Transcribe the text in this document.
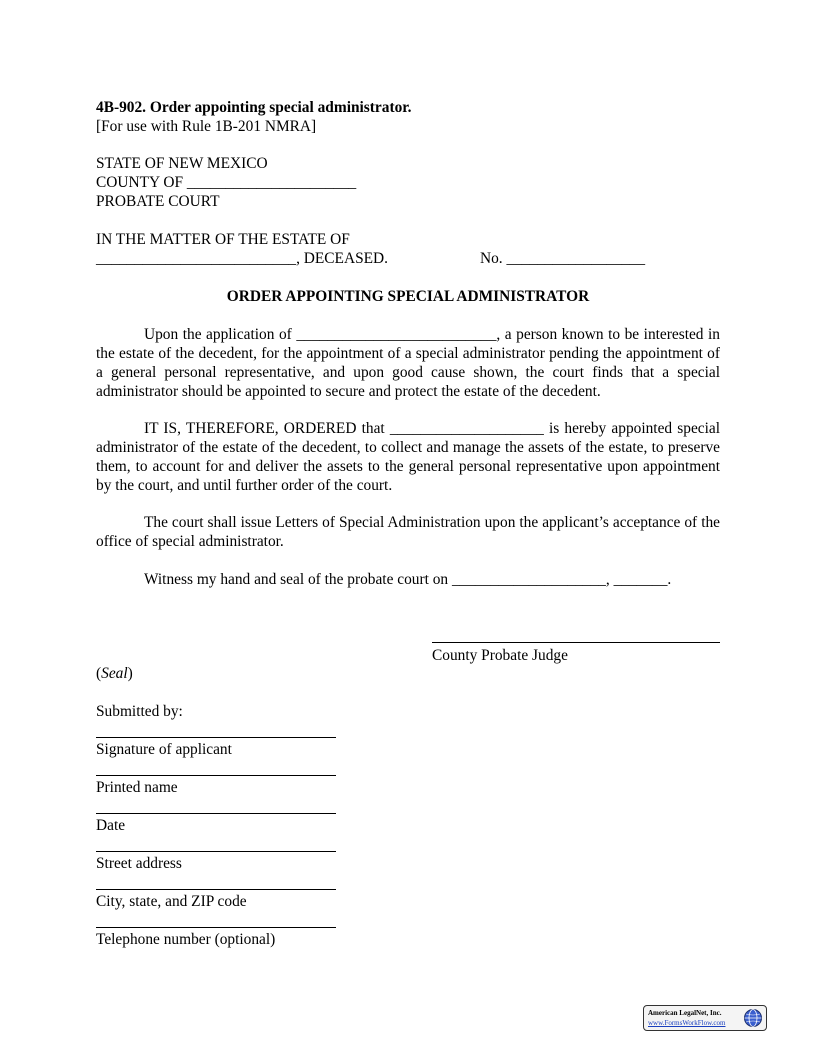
4B-902. Order appointing special administrator.
[For use with Rule 1B-201 NMRA]
STATE OF NEW MEXICO
COUNTY OF ______________________
PROBATE COURT
IN THE MATTER OF THE ESTATE OF
__________________________, DECEASED.	No. __________________
ORDER APPOINTING SPECIAL ADMINISTRATOR
Upon the application of __________________________, a person known to be interested in the estate of the decedent, for the appointment of a special administrator pending the appointment of a general personal representative, and upon good cause shown, the court finds that a special administrator should be appointed to secure and protect the estate of the decedent.
IT IS, THEREFORE, ORDERED that ____________________ is hereby appointed special administrator of the estate of the decedent, to collect and manage the assets of the estate, to preserve them, to account for and deliver the assets to the general personal representative upon appointment by the court, and until further order of the court.
The court shall issue Letters of Special Administration upon the applicant’s acceptance of the office of special administrator.
Witness my hand and seal of the probate court on ____________________, _______.
County Probate Judge
(Seal)
Submitted by:
Signature of applicant
Printed name
Date
Street address
City, state, and ZIP code
Telephone number (optional)
American LegalNet, Inc.
www.FormsWorkFlow.com
